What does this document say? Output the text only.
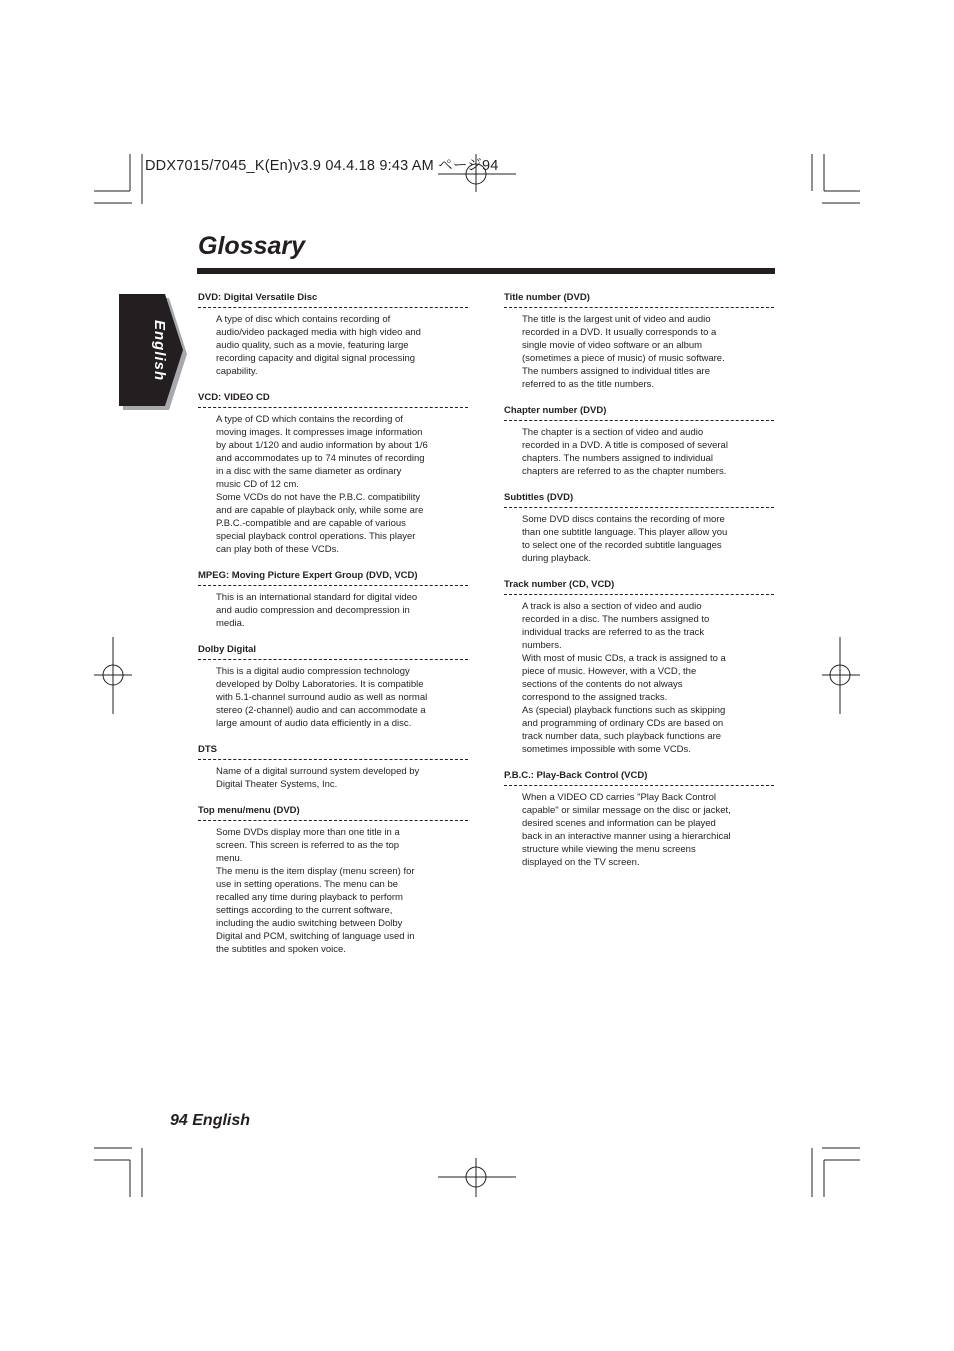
DDX7015/7045_K(En)v3.9 04.4.18 9:43 AM ページ94
Glossary
English
DVD: Digital Versatile Disc
A type of disc which contains recording of
audio/video packaged media with high video and
audio quality, such as a movie, featuring large
recording capacity and digital signal processing
capability.
VCD: VIDEO CD
A type of CD which contains the recording of
moving images. It compresses image information
by about 1/120 and audio information by about 1/6
and accommodates up to 74 minutes of recording
in a disc with the same diameter as ordinary
music CD of 12 cm.
Some VCDs do not have the P.B.C. compatibility
and are capable of playback only, while some are
P.B.C.-compatible and are capable of various
special playback control operations. This player
can play both of these VCDs.
MPEG: Moving Picture Expert Group (DVD, VCD)
This is an international standard for digital video
and audio compression and decompression in
media.
Dolby Digital
This is a digital audio compression technology
developed by Dolby Laboratories. It is compatible
with 5.1-channel surround audio as well as normal
stereo (2-channel) audio and can accommodate a
large amount of audio data efficiently in a disc.
DTS
Name of a digital surround system developed by
Digital Theater Systems, Inc.
Top menu/menu (DVD)
Some DVDs display more than one title in a
screen. This screen is referred to as the top
menu.
The menu is the item display (menu screen) for
use in setting operations. The menu can be
recalled any time during playback to perform
settings according to the current software,
including the audio switching between Dolby
Digital and PCM, switching of language used in
the subtitles and spoken voice.
Title number (DVD)
The title is the largest unit of video and audio
recorded in a DVD. It usually corresponds to a
single movie of video software or an album
(sometimes a piece of music) of music software.
The numbers assigned to individual titles are
referred to as the title numbers.
Chapter number (DVD)
The chapter is a section of video and audio
recorded in a DVD. A title is composed of several
chapters. The numbers assigned to individual
chapters are referred to as the chapter numbers.
Subtitles (DVD)
Some DVD discs contains the recording of more
than one subtitle language. This player allow you
to select one of the recorded subtitle languages
during playback.
Track number (CD, VCD)
A track is also a section of video and audio
recorded in a disc. The numbers assigned to
individual tracks are referred to as the track
numbers.
With most of music CDs, a track is assigned to a
piece of music. However, with a VCD, the
sections of the contents do not always
correspond to the assigned tracks.
As (special) playback functions such as skipping
and programming of ordinary CDs are based on
track number data, such playback functions are
sometimes impossible with some VCDs.
P.B.C.: Play-Back Control (VCD)
When a VIDEO CD carries "Play Back Control
capable" or similar message on the disc or jacket,
desired scenes and information can be played
back in an interactive manner using a hierarchical
structure while viewing the menu screens
displayed on the TV screen.
94 English
